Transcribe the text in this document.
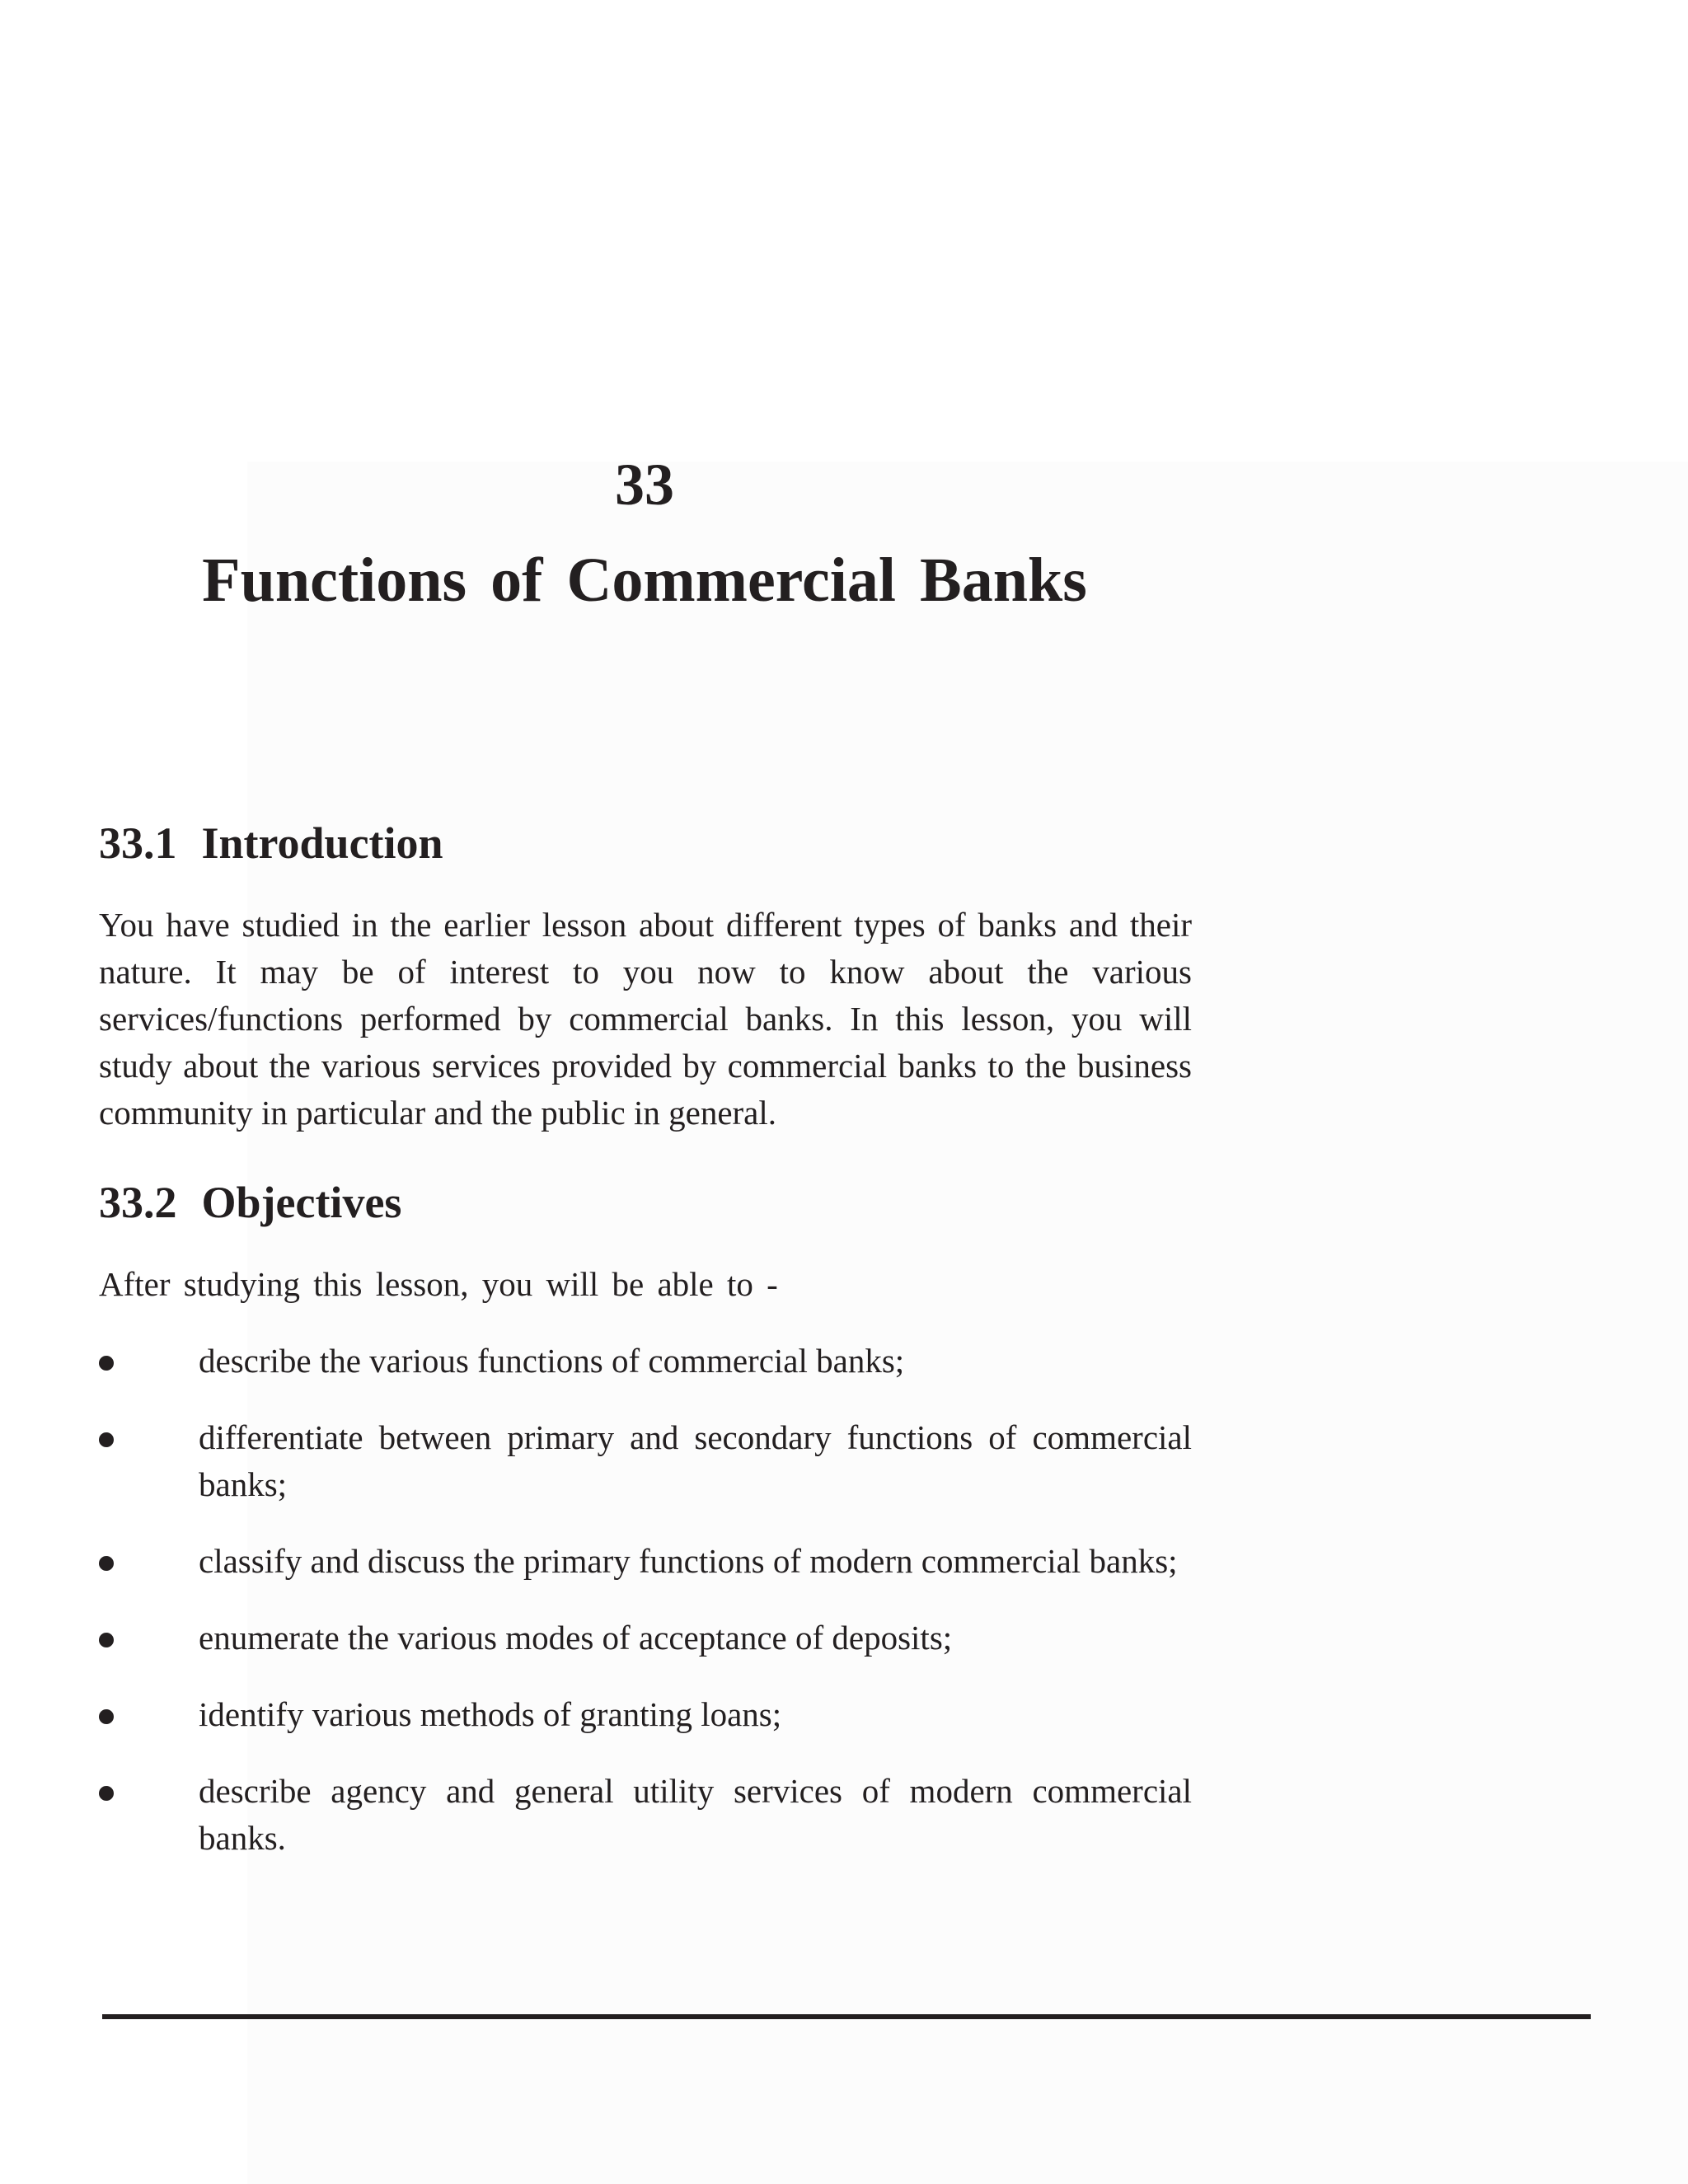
33
Functions of Commercial Banks
33.1 Introduction

You have studied in the earlier lesson about different types of banks and their nature. It may be of interest to you now to know about the various services/functions performed by commercial banks. In this lesson, you will study about the various services provided by commercial banks to the business community in particular and the public in general.

33.2 Objectives

After studying this lesson, you will be able to -

describe the various functions of commercial banks;
differentiate between primary and secondary functions of commercial banks;
classify and discuss the primary functions of modern commercial banks;
enumerate the various modes of acceptance of deposits;
identify various methods of granting loans;
describe agency and general utility services of modern commercial banks.
